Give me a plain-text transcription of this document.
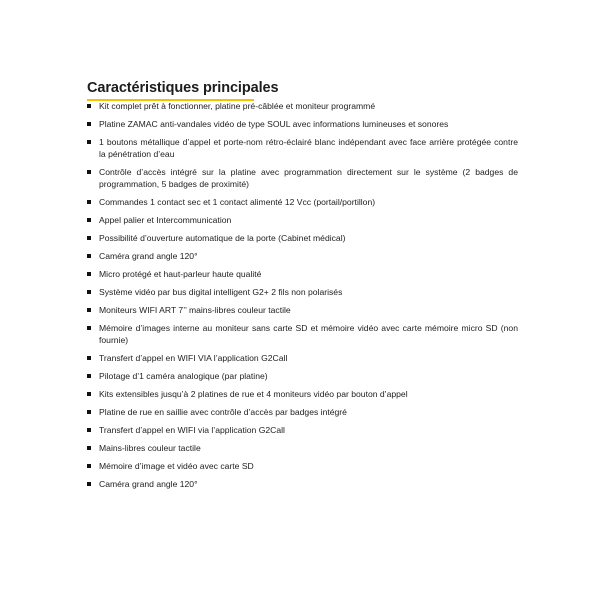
Caractéristiques principales
Kit complet prêt à fonctionner, platine pré-câblée et moniteur programmé
Platine ZAMAC anti-vandales vidéo de type SOUL avec informations lumineuses et sonores
1 boutons métallique d’appel et porte-nom rétro-éclairé blanc indépendant avec face arrière protégée contre la pénétration d’eau
Contrôle d’accès intégré sur la platine avec programmation directement sur le système (2 badges de programmation, 5 badges de proximité)
Commandes 1 contact sec et 1 contact alimenté 12 Vcc (portail/portillon)
Appel palier et Intercommunication
Possibilité d’ouverture automatique de la porte (Cabinet médical)
Caméra grand angle 120°
Micro protégé et haut-parleur haute qualité
Système vidéo par bus digital intelligent G2+ 2 fils non polarisés
Moniteurs WIFI ART 7’’ mains-libres couleur tactile
Mémoire d’images interne au moniteur sans carte SD et mémoire vidéo avec carte mémoire micro SD (non fournie)
Transfert d’appel en WIFI VIA l’application G2Call
Pilotage d’1 caméra analogique (par platine)
Kits extensibles jusqu’à 2 platines de rue et 4 moniteurs vidéo par bouton d’appel
Platine de rue en saillie avec contrôle d’accès par badges intégré
Transfert d’appel en WIFI via l’application G2Call
Mains-libres couleur tactile
Mémoire d’image et vidéo avec carte SD
Caméra grand angle 120°
